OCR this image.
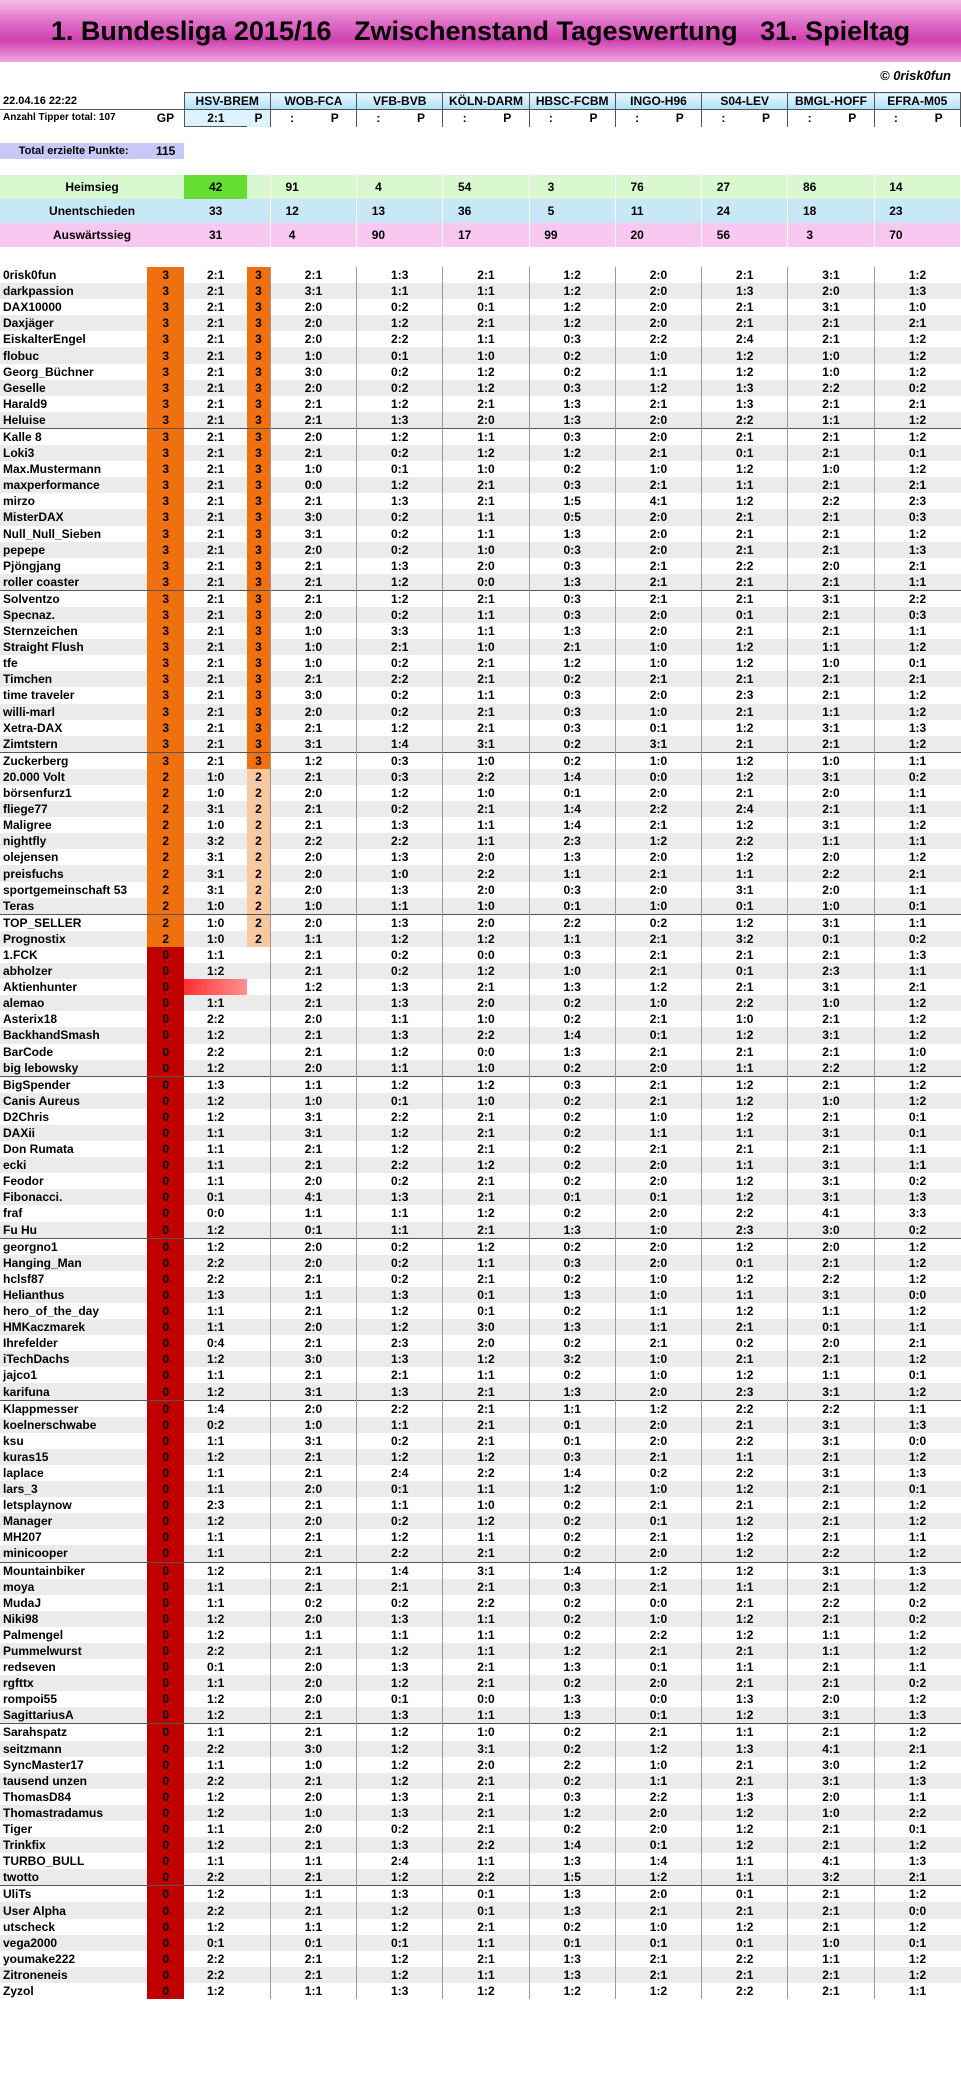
1. Bundesliga 2015/16   Zwischenstand Tageswertung   31. Spieltag
© 0risk0fun
22.04.16 22:22		HSV-BREM		WOB-FCA		VFB-BVB		KÖLN-DARM		HBSC-FCBM		INGO-H96		S04-LEV		BMGL-HOFF		EFRA-M05	
Anzahl Tipper total: 107	GP	2:1	P	:	P	:	P	:	P	:	P	:	P	:	P	:	P	:	P

Total erzielte Punkte:	115																		

Heimsieg		42		91		4		54		3		76		27		86		14	
Unentschieden		33		12		13		36		5		11		24		18		23	
Auswärtssieg		31		4		90		17		99		20		56		3		70	

0risk0fun	3	2:1	3	2:1		1:3		2:1		1:2		2:0		2:1		3:1		1:2	
darkpassion	3	2:1	3	3:1		1:1		1:1		1:2		2:0		1:3		2:0		1:3	
DAX10000	3	2:1	3	2:0		0:2		0:1		1:2		2:0		2:1		3:1		1:0	
Daxjäger	3	2:1	3	2:0		1:2		2:1		1:2		2:0		2:1		2:1		2:1	
EiskalterEngel	3	2:1	3	2:0		2:2		1:1		0:3		2:2		2:4		2:1		1:2	
flobuc	3	2:1	3	1:0		0:1		1:0		0:2		1:0		1:2		1:0		1:2	
Georg_Büchner	3	2:1	3	3:0		0:2		1:2		0:2		1:1		1:2		1:0		1:2	
Geselle	3	2:1	3	2:0		0:2		1:2		0:3		1:2		1:3		2:2		0:2	
Harald9	3	2:1	3	2:1		1:2		2:1		1:3		2:1		1:3		2:1		2:1	
Heluise	3	2:1	3	2:1		1:3		2:0		1:3		2:0		2:2		1:1		1:2	
Kalle 8	3	2:1	3	2:0		1:2		1:1		0:3		2:0		2:1		2:1		1:2	
Loki3	3	2:1	3	2:1		0:2		1:2		1:2		2:1		0:1		2:1		0:1	
Max.Mustermann	3	2:1	3	1:0		0:1		1:0		0:2		1:0		1:2		1:0		1:2	
maxperformance	3	2:1	3	0:0		1:2		2:1		0:3		2:1		1:1		2:1		2:1	
mirzo	3	2:1	3	2:1		1:3		2:1		1:5		4:1		1:2		2:2		2:3	
MisterDAX	3	2:1	3	3:0		0:2		1:1		0:5		2:0		2:1		2:1		0:3	
Null_Null_Sieben	3	2:1	3	3:1		0:2		1:1		1:3		2:0		2:1		2:1		1:2	
pepepe	3	2:1	3	2:0		0:2		1:0		0:3		2:0		2:1		2:1		1:3	
Pjöngjang	3	2:1	3	2:1		1:3		2:0		0:3		2:1		2:2		2:0		2:1	
roller coaster	3	2:1	3	2:1		1:2		0:0		1:3		2:1		2:1		2:1		1:1	
Solventzo	3	2:1	3	2:1		1:2		2:1		0:3		2:1		2:1		3:1		2:2	
Specnaz.	3	2:1	3	2:0		0:2		1:1		0:3		2:0		0:1		2:1		0:3	
Sternzeichen	3	2:1	3	1:0		3:3		1:1		1:3		2:0		2:1		2:1		1:1	
Straight Flush	3	2:1	3	1:0		2:1		1:0		2:1		1:0		1:2		1:1		1:2	
tfe	3	2:1	3	1:0		0:2		2:1		1:2		1:0		1:2		1:0		0:1	
Timchen	3	2:1	3	2:1		2:2		2:1		0:2		2:1		2:1		2:1		2:1	
time traveler	3	2:1	3	3:0		0:2		1:1		0:3		2:0		2:3		2:1		1:2	
willi-marl	3	2:1	3	2:0		0:2		2:1		0:3		1:0		2:1		1:1		1:2	
Xetra-DAX	3	2:1	3	2:1		1:2		2:1		0:3		0:1		1:2		3:1		1:3	
Zimtstern	3	2:1	3	3:1		1:4		3:1		0:2		3:1		2:1		2:1		1:2	
Zuckerberg	3	2:1	3	1:2		0:3		1:0		0:2		1:0		1:2		1:0		1:1	
20.000 Volt	2	1:0	2	2:1		0:3		2:2		1:4		0:0		1:2		3:1		0:2	
börsenfurz1	2	1:0	2	2:0		1:2		1:0		0:1		2:0		2:1		2:0		1:1	
fliege77	2	3:1	2	2:1		0:2		2:1		1:4		2:2		2:4		2:1		1:1	
Maligree	2	1:0	2	2:1		1:3		1:1		1:4		2:1		1:2		3:1		1:2	
nightfly	2	3:2	2	2:2		2:2		1:1		2:3		1:2		2:2		1:1		1:1	
olejensen	2	3:1	2	2:0		1:3		2:0		1:3		2:0		1:2		2:0		1:2	
preisfuchs	2	3:1	2	2:0		1:0		2:2		1:1		2:1		1:1		2:2		2:1	
sportgemeinschaft 53	2	3:1	2	2:0		1:3		2:0		0:3		2:0		3:1		2:0		1:1	
Teras	2	1:0	2	1:0		1:1		1:0		0:1		1:0		0:1		1:0		0:1	
TOP_SELLER	2	1:0	2	2:0		1:3		2:0		2:2		0:2		1:2		3:1		1:1	
Prognostix	2	1:0	2	1:1		1:2		1:2		1:1		2:1		3:2		0:1		0:2	
1.FCK	0	1:1		2:1		0:2		0:0		0:3		2:1		2:1		2:1		1:3	
abholzer	0	1:2		2:1		0:2		1:2		1:0		2:1		0:1		2:3		1:1	
Aktienhunter	0			1:2		1:3		2:1		1:3		1:2		2:1		3:1		2:1	
alemao	0	1:1		2:1		1:3		2:0		0:2		1:0		2:2		1:0		1:2	
Asterix18	0	2:2		2:0		1:1		1:0		0:2		2:1		1:0		2:1		1:2	
BackhandSmash	0	1:2		2:1		1:3		2:2		1:4		0:1		1:2		3:1		1:2	
BarCode	0	2:2		2:1		1:2		0:0		1:3		2:1		2:1		2:1		1:0	
big lebowsky	0	1:2		2:0		1:1		1:0		0:2		2:0		1:1		2:2		1:2	
BigSpender	0	1:3		1:1		1:2		1:2		0:3		2:1		1:2		2:1		1:2	
Canis Aureus	0	1:2		1:0		0:1		1:0		0:2		2:1		1:2		1:0		1:2	
D2Chris	0	1:2		3:1		2:2		2:1		0:2		1:0		1:2		2:1		0:1	
DAXii	0	1:1		3:1		1:2		2:1		0:2		1:1		1:1		3:1		0:1	
Don Rumata	0	1:1		2:1		1:2		2:1		0:2		2:1		2:1		2:1		1:1	
ecki	0	1:1		2:1		2:2		1:2		0:2		2:0		1:1		3:1		1:1	
Feodor	0	1:1		2:0		0:2		2:1		0:2		2:0		1:2		3:1		0:2	
Fibonacci.	0	0:1		4:1		1:3		2:1		0:1		0:1		1:2		3:1		1:3	
fraf	0	0:0		1:1		1:1		1:2		0:2		2:0		2:2		4:1		3:3	
Fu Hu	0	1:2		0:1		1:1		2:1		1:3		1:0		2:3		3:0		0:2	
georgno1	0	1:2		2:0		0:2		1:2		0:2		2:0		1:2		2:0		1:2	
Hanging_Man	0	2:2		2:0		0:2		1:1		0:3		2:0		0:1		2:1		1:2	
hclsf87	0	2:2		2:1		0:2		2:1		0:2		1:0		1:2		2:2		1:2	
Helianthus	0	1:3		1:1		1:3		0:1		1:3		1:0		1:1		3:1		0:0	
hero_of_the_day	0	1:1		2:1		1:2		0:1		0:2		1:1		1:2		1:1		1:2	
HMKaczmarek	0	1:1		2:0		1:2		3:0		1:3		1:1		2:1		0:1		1:1	
Ihrefelder	0	0:4		2:1		2:3		2:0		0:2		2:1		0:2		2:0		2:1	
iTechDachs	0	1:2		3:0		1:3		1:2		3:2		1:0		2:1		2:1		1:2	
jajco1	0	1:1		2:1		2:1		1:1		0:2		1:0		1:2		1:1		0:1	
karifuna	0	1:2		3:1		1:3		2:1		1:3		2:0		2:3		3:1		1:2	
Klappmesser	0	1:4		2:0		2:2		2:1		1:1		1:2		2:2		2:2		1:1	
koelnerschwabe	0	0:2		1:0		1:1		2:1		0:1		2:0		2:1		3:1		1:3	
ksu	0	1:1		3:1		0:2		2:1		0:1		2:0		2:2		3:1		0:0	
kuras15	0	1:2		2:1		1:2		1:2		0:3		2:1		1:1		2:1		1:2	
laplace	0	1:1		2:1		2:4		2:2		1:4		0:2		2:2		3:1		1:3	
lars_3	0	1:1		2:0		0:1		1:1		1:2		1:0		1:2		2:1		0:1	
letsplaynow	0	2:3		2:1		1:1		1:0		0:2		2:1		2:1		2:1		1:2	
Manager	0	1:2		2:0		0:2		1:2		0:2		0:1		1:2		2:1		1:2	
MH207	0	1:1		2:1		1:2		1:1		0:2		2:1		1:2		2:1		1:1	
minicooper	0	1:1		2:1		2:2		2:1		0:2		2:0		1:2		2:2		1:2	
Mountainbiker	0	1:2		2:1		1:4		3:1		1:4		1:2		1:2		3:1		1:3	
moya	0	1:1		2:1		2:1		2:1		0:3		2:1		1:1		2:1		1:2	
MudaJ	0	1:1		0:2		0:2		2:2		0:2		0:0		2:1		2:2		0:2	
Niki98	0	1:2		2:0		1:3		1:1		0:2		1:0		1:2		2:1		0:2	
Palmengel	0	1:2		1:1		1:1		1:1		0:2		2:2		1:2		1:1		1:2	
Pummelwurst	0	2:2		2:1		1:2		1:1		1:2		2:1		2:1		1:1		1:2	
redseven	0	0:1		2:0		1:3		2:1		1:3		0:1		1:1		2:1		1:1	
rgfttx	0	1:1		2:0		1:2		2:1		0:2		2:0		2:1		2:1		0:2	
rompoi55	0	1:2		2:0		0:1		0:0		1:3		0:0		1:3		2:0		1:2	
SagittariusA	0	1:2		2:1		1:3		1:1		1:3		0:1		1:2		3:1		1:3	
Sarahspatz	0	1:1		2:1		1:2		1:0		0:2		2:1		1:1		2:1		1:2	
seitzmann	0	2:2		3:0		1:2		3:1		0:2		1:2		1:3		4:1		2:1	
SyncMaster17	0	1:1		1:0		1:2		2:0		2:2		1:0		2:1		3:0		1:2	
tausend unzen	0	2:2		2:1		1:2		2:1		0:2		1:1		2:1		3:1		1:3	
ThomasD84	0	1:2		2:0		1:3		2:1		0:3		2:2		1:3		2:0		1:1	
Thomastradamus	0	1:2		1:0		1:3		2:1		1:2		2:0		1:2		1:0		2:2	
Tiger	0	1:1		2:0		0:2		2:1		0:2		2:0		1:2		2:1		0:1	
Trinkfix	0	1:2		2:1		1:3		2:2		1:4		0:1		1:2		2:1		1:2	
TURBO_BULL	0	1:1		1:1		2:4		1:1		1:3		1:4		1:1		4:1		1:3	
twotto	0	2:2		2:1		1:2		2:2		1:5		1:2		1:1		3:2		2:1	
UliTs	0	1:2		1:1		1:3		0:1		1:3		2:0		0:1		2:1		1:2	
User Alpha	0	2:2		2:1		1:2		0:1		1:3		2:1		2:1		2:1		0:0	
utscheck	0	1:2		1:1		1:2		2:1		0:2		1:0		1:2		2:1		1:2	
vega2000	0	0:1		0:1		0:1		1:1		0:1		0:1		0:1		1:0		0:1	
youmake222	0	2:2		2:1		1:2		2:1		1:3		2:1		2:2		1:1		1:2	
Zitroneneis	0	2:2		2:1		1:2		1:1		1:3		2:1		2:1		2:1		1:2	
Zyzol	0	1:2		1:1		1:3		1:2		1:2		1:2		2:2		2:1		1:1	
